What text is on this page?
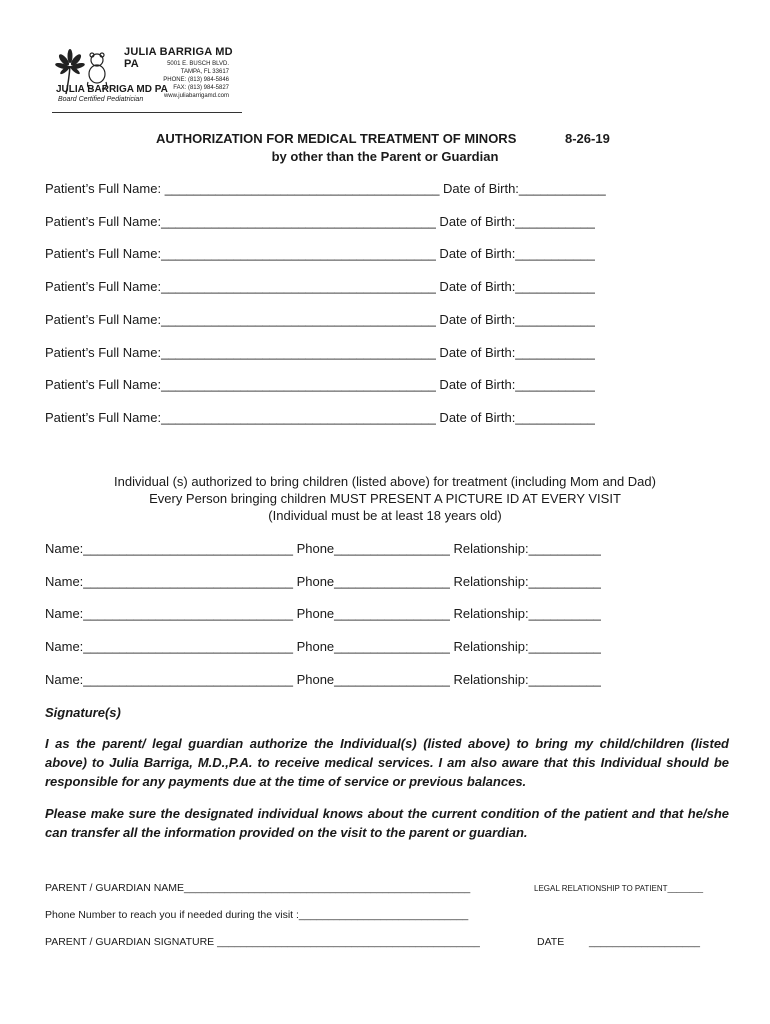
JULIA BARRIGA MD PA	5001 E. BUSCH BLVD.
TAMPA, FL 33617
PHONE: (813) 984-5846
FAX: (813) 984-5827
www.juliabarrigamd.com
JULIA BARRIGA MD PA
Board Certified Pediatrician
AUTHORIZATION FOR MEDICAL TREATMENT OF MINORS	8-26-19
by other than the Parent or Guardian
Patient’s Full Name: ______________________________________ Date of Birth:____________
Patient’s Full Name:______________________________________ Date of Birth:___________
Patient’s Full Name:______________________________________ Date of Birth:___________
Patient’s Full Name:______________________________________ Date of Birth:___________
Patient’s Full Name:______________________________________ Date of Birth:___________
Patient’s Full Name:______________________________________ Date of Birth:___________
Patient’s Full Name:______________________________________ Date of Birth:___________
Patient’s Full Name:______________________________________ Date of Birth:___________
Individual (s) authorized to bring children (listed above) for treatment (including Mom and Dad)
Every Person bringing children MUST PRESENT A PICTURE ID AT EVERY VISIT
(Individual must be at least 18 years old)
Name:_____________________________ Phone________________ Relationship:__________
Name:_____________________________ Phone________________ Relationship:__________
Name:_____________________________ Phone________________ Relationship:__________
Name:_____________________________ Phone________________ Relationship:__________
Name:_____________________________ Phone________________ Relationship:__________
Signature(s)
I as the parent/ legal guardian authorize the Individual(s) (listed above) to bring my child/children (listed above) to Julia Barriga, M.D.,P.A. to receive medical services. I am also aware that this Individual should be responsible for any payments due at the time of service or previous balances.
Please make sure the designated individual knows about the current condition of the patient and that he/she can transfer all the information provided on the visit to the parent or guardian.
PARENT / GUARDIAN NAME_________________________________________________	LEGAL RELATIONSHIP TO PATIENT________
Phone Number to reach you if needed during the visit :_____________________________
PARENT / GUARDIAN SIGNATURE _____________________________________________	DATE ___________________
